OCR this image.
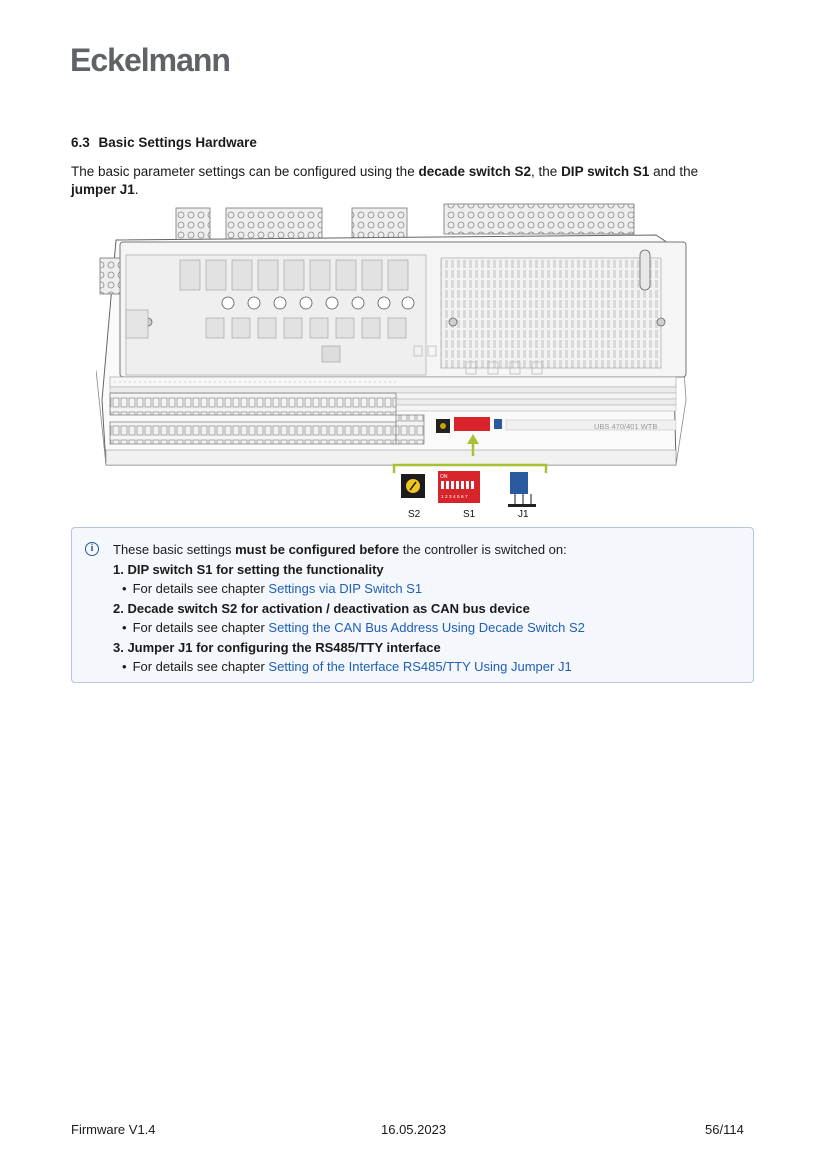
Eckelmann
6.3 Basic Settings Hardware
The basic parameter settings can be configured using the decade switch S2, the DIP switch S1 and the
jumper J1.
UBS 470/401 WTB
ON
1 2 3 4 5 6 7
S2	S1	J1
i	These basic settings must be configured before the controller is switched on:
1. DIP switch S1 for setting the functionality
• For details see chapter Settings via DIP Switch S1
2. Decade switch S2 for activation / deactivation as CAN bus device
• For details see chapter Setting the CAN Bus Address Using Decade Switch S2
3. Jumper J1 for configuring the RS485/TTY interface
• For details see chapter Setting of the Interface RS485/TTY Using Jumper J1
Firmware V1.4	16.05.2023	56/114
